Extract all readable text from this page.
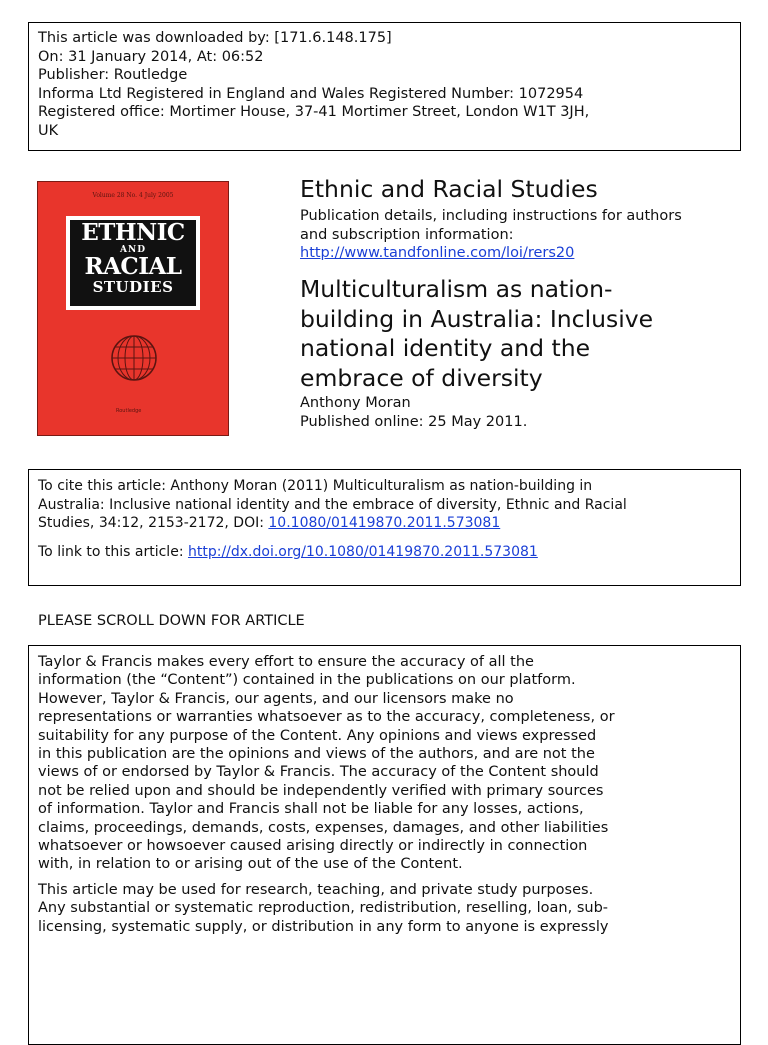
This article was downloaded by: [171.6.148.175]
On: 31 January 2014, At: 06:52
Publisher: Routledge
Informa Ltd Registered in England and Wales Registered Number: 1072954
Registered office: Mortimer House, 37-41 Mortimer Street, London W1T 3JH,
UK
Volume 28 No. 4 July 2005
ETHNIC
AND
RACIAL
STUDIES
Routledge
Ethnic and Racial Studies
Publication details, including instructions for authors
and subscription information:
http://www.tandfonline.com/loi/rers20
Multiculturalism as nation-
building in Australia: Inclusive
national identity and the
embrace of diversity
Anthony Moran
Published online: 25 May 2011.
To cite this article: Anthony Moran (2011) Multiculturalism as nation-building in
Australia: Inclusive national identity and the embrace of diversity, Ethnic and Racial
Studies, 34:12, 2153-2172, DOI: 10.1080/01419870.2011.573081
To link to this article: http://dx.doi.org/10.1080/01419870.2011.573081
PLEASE SCROLL DOWN FOR ARTICLE
Taylor & Francis makes every effort to ensure the accuracy of all the
information (the “Content”) contained in the publications on our platform.
However, Taylor & Francis, our agents, and our licensors make no
representations or warranties whatsoever as to the accuracy, completeness, or
suitability for any purpose of the Content. Any opinions and views expressed
in this publication are the opinions and views of the authors, and are not the
views of or endorsed by Taylor & Francis. The accuracy of the Content should
not be relied upon and should be independently verified with primary sources
of information. Taylor and Francis shall not be liable for any losses, actions,
claims, proceedings, demands, costs, expenses, damages, and other liabilities
whatsoever or howsoever caused arising directly or indirectly in connection
with, in relation to or arising out of the use of the Content.
This article may be used for research, teaching, and private study purposes.
Any substantial or systematic reproduction, redistribution, reselling, loan, sub-
licensing, systematic supply, or distribution in any form to anyone is expressly
